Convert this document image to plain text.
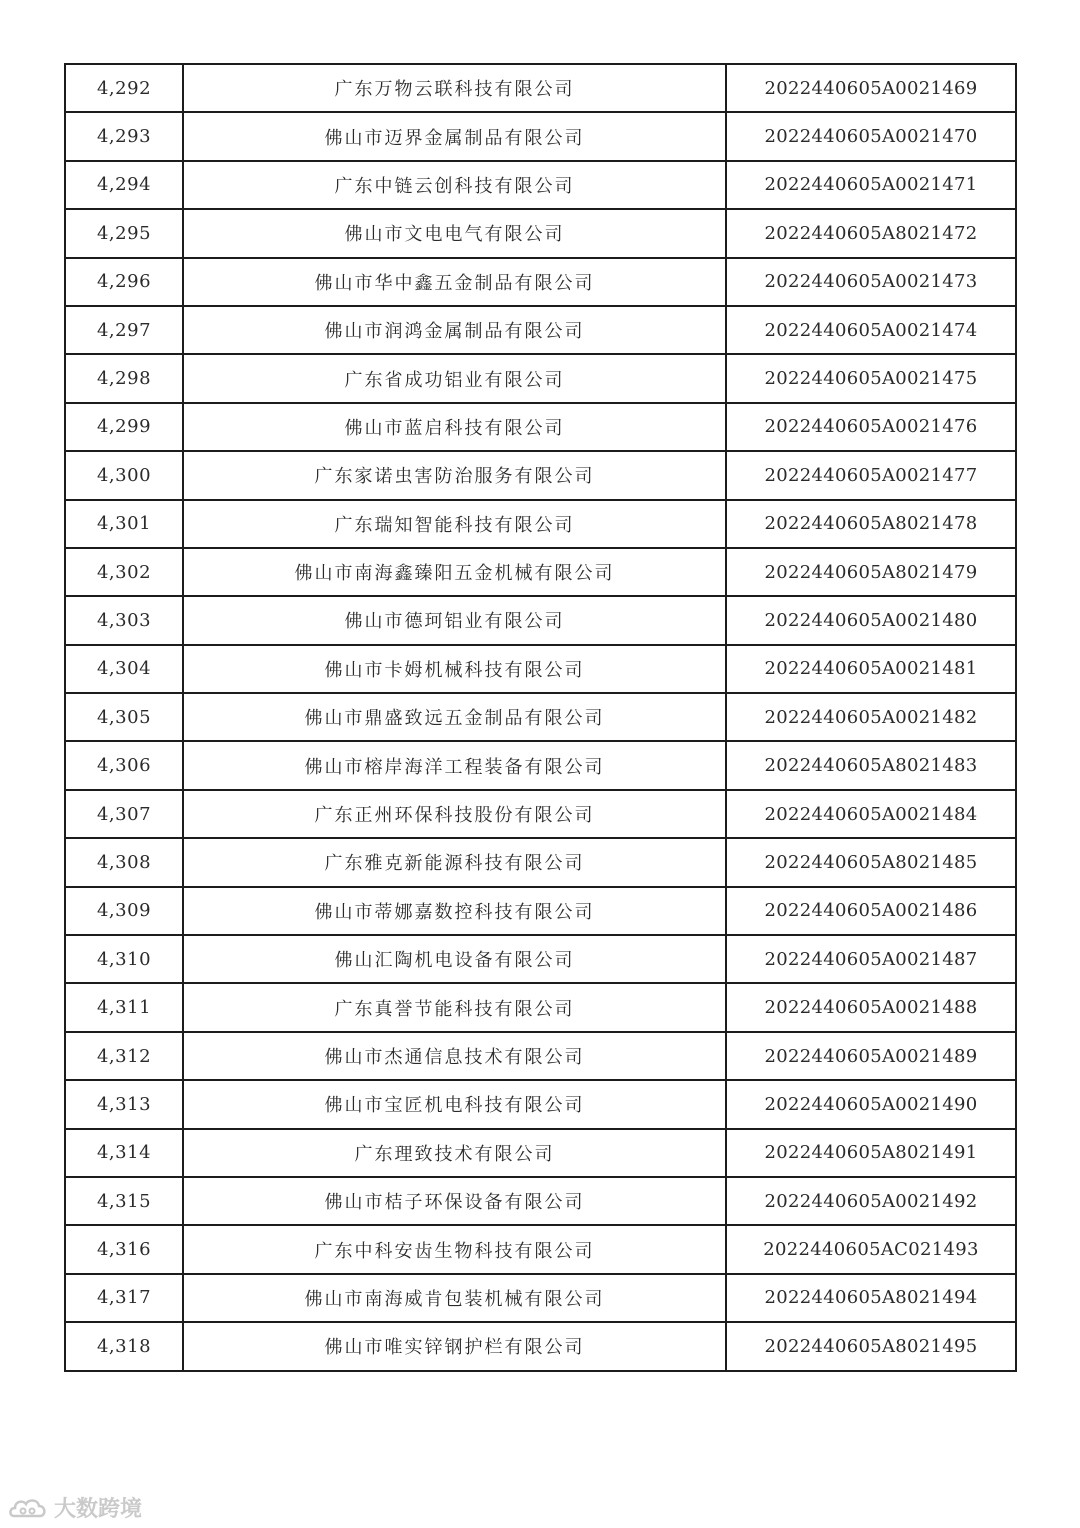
4,292	广东万物云联科技有限公司	2022440605A0021469
4,293	佛山市迈界金属制品有限公司	2022440605A0021470
4,294	广东中链云创科技有限公司	2022440605A0021471
4,295	佛山市文电电气有限公司	2022440605A8021472
4,296	佛山市华中鑫五金制品有限公司	2022440605A0021473
4,297	佛山市润鸿金属制品有限公司	2022440605A0021474
4,298	广东省成功铝业有限公司	2022440605A0021475
4,299	佛山市蓝启科技有限公司	2022440605A0021476
4,300	广东家诺虫害防治服务有限公司	2022440605A0021477
4,301	广东瑞知智能科技有限公司	2022440605A8021478
4,302	佛山市南海鑫臻阳五金机械有限公司	2022440605A8021479
4,303	佛山市德珂铝业有限公司	2022440605A0021480
4,304	佛山市卡姆机械科技有限公司	2022440605A0021481
4,305	佛山市鼎盛致远五金制品有限公司	2022440605A0021482
4,306	佛山市榕岸海洋工程装备有限公司	2022440605A8021483
4,307	广东正州环保科技股份有限公司	2022440605A0021484
4,308	广东雅克新能源科技有限公司	2022440605A8021485
4,309	佛山市蒂娜嘉数控科技有限公司	2022440605A0021486
4,310	佛山汇陶机电设备有限公司	2022440605A0021487
4,311	广东真誉节能科技有限公司	2022440605A0021488
4,312	佛山市杰通信息技术有限公司	2022440605A0021489
4,313	佛山市宝匠机电科技有限公司	2022440605A0021490
4,314	广东理致技术有限公司	2022440605A8021491
4,315	佛山市桔子环保设备有限公司	2022440605A0021492
4,316	广东中科安齿生物科技有限公司	2022440605AC021493
4,317	佛山市南海威肯包装机械有限公司	2022440605A8021494
4,318	佛山市唯实锌钢护栏有限公司	2022440605A8021495
大数跨境
